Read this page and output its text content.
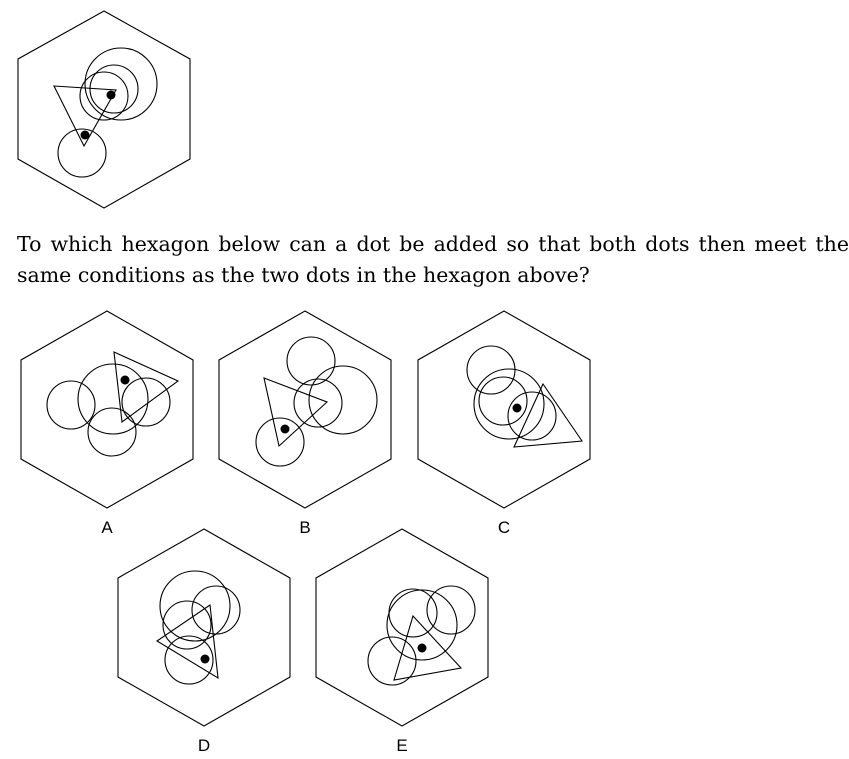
To which hexagon below can a dot be added so that both dots then meet the same conditions as the two dots in the hexagon above?

A	B	C
D	E
